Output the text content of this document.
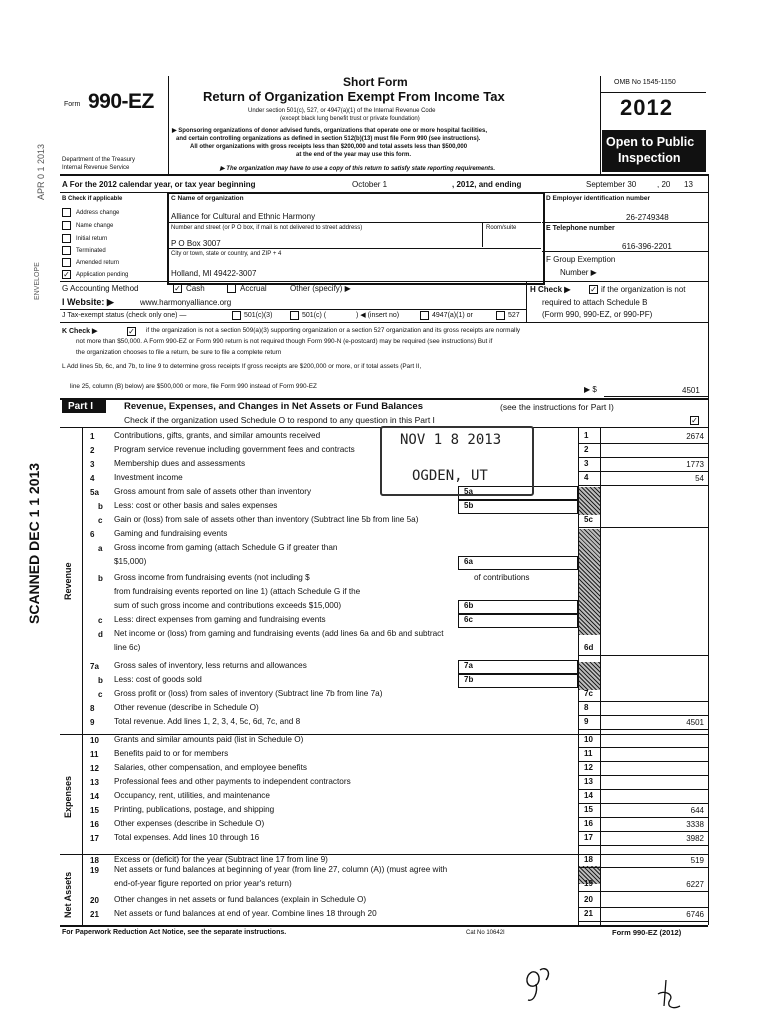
Form 990-EZ
Department of the Treasury
Internal Revenue Service
Short Form
Return of Organization Exempt From Income Tax
Under section 501(c), 527, or 4947(a)(1) of the Internal Revenue Code
(except black lung benefit trust or private foundation)
▶ Sponsoring organizations of donor advised funds, organizations that operate one or more hospital facilities,
and certain controlling organizations as defined in section 512(b)(13) must file Form 990 (see instructions).
All other organizations with gross receipts less than $200,000 and total assets less than $500,000
at the end of the year may use this form.
▶ The organization may have to use a copy of this return to satisfy state reporting requirements.
OMB No 1545-1150
2012
Open to Public
Inspection
A For the 2012 calendar year, or tax year beginning	October 1	, 2012, and ending	September 30	, 20 13
B Check if applicable
Address change
Name change
Initial return
Terminated
Amended return
✓ Application pending
C Name of organization
Alliance for Cultural and Ethnic Harmony
Number and street (or P O box, if mail is not delivered to street address)	Room/suite
P O Box 3007
City or town, state or country, and ZIP + 4
Holland, MI 49422-3007
D Employer identification number
26-2749348
E Telephone number
616-396-2201
F Group Exemption
Number ▶
G Accounting Method	✓ Cash	Accrual	Other (specify) ▶	H Check ▶ ✓ if the organization is not
required to attach Schedule B
(Form 990, 990-EZ, or 990-PF)
I Website: ▶	www.harmonyalliance.org
J Tax-exempt status (check only one) —	501(c)(3)	501(c) (	) ◀ (insert no)	4947(a)(1) or	527
K Check ▶	✓ if the organization is not a section 509(a)(3) supporting organization or a section 527 organization and its gross receipts are normally
not more than $50,000. A Form 990-EZ or Form 990 return is not required though Form 990-N (e-postcard) may be required (see instructions) But if
the organization chooses to file a return, be sure to file a complete return
L Add lines 5b, 6c, and 7b, to line 9 to determine gross receipts If gross receipts are $200,000 or more, or if total assets (Part II,
line 25, column (B) below) are $500,000 or more, file Form 990 instead of Form 990-EZ	▶ $	4501
Part I	Revenue, Expenses, and Changes in Net Assets or Fund Balances	(see the instructions for Part I)
Check if the organization used Schedule O to respond to any question in this Part I	✓
Revenue
Expenses
Net Assets
1	Contributions, gifts, grants, and similar amounts received	1	2674
2	Program service revenue including government fees and contracts	2
3	Membership dues and assessments	3	1773
4	Investment income	4	54
5a	Gross amount from sale of assets other than inventory	5a
b	Less: cost or other basis and sales expenses	5b
c	Gain or (loss) from sale of assets other than inventory (Subtract line 5b from line 5a)	5c
6	Gaming and fundraising events
a	Gross income from gaming (attach Schedule G if greater than
$15,000)	6a
b	Gross income from fundraising events (not including $	of contributions
from fundraising events reported on line 1) (attach Schedule G if the
sum of such gross income and contributions exceeds $15,000)	6b
c	Less: direct expenses from gaming and fundraising events	6c
d	Net income or (loss) from gaming and fundraising events (add lines 6a and 6b and subtract
line 6c)	6d
7a	Gross sales of inventory, less returns and allowances	7a
b	Less: cost of goods sold	7b
c	Gross profit or (loss) from sales of inventory (Subtract line 7b from line 7a)	7c
8	Other revenue (describe in Schedule O)	8
9	Total revenue. Add lines 1, 2, 3, 4, 5c, 6d, 7c, and 8	9	4501
10	Grants and similar amounts paid (list in Schedule O)	10
11	Benefits paid to or for members	11
12	Salaries, other compensation, and employee benefits	12
13	Professional fees and other payments to independent contractors	13
14	Occupancy, rent, utilities, and maintenance	14
15	Printing, publications, postage, and shipping	15	644
16	Other expenses (describe in Schedule O)	16	3338
17	Total expenses. Add lines 10 through 16	17	3982
18	Excess or (deficit) for the year (Subtract line 17 from line 9)	18	519
19	Net assets or fund balances at beginning of year (from line 27, column (A)) (must agree with
end-of-year figure reported on prior year's return)	19	6227
20	Other changes in net assets or fund balances (explain in Schedule O)	20
21	Net assets or fund balances at end of year. Combine lines 18 through 20	21	6746
For Paperwork Reduction Act Notice, see the separate instructions.	Cat No 10642I	Form 990-EZ (2012)
SCANNED DEC 1 1 2013
APR 0 1 2013
ENVELOPE
NOV 1 8 2013
OGDEN, UT
